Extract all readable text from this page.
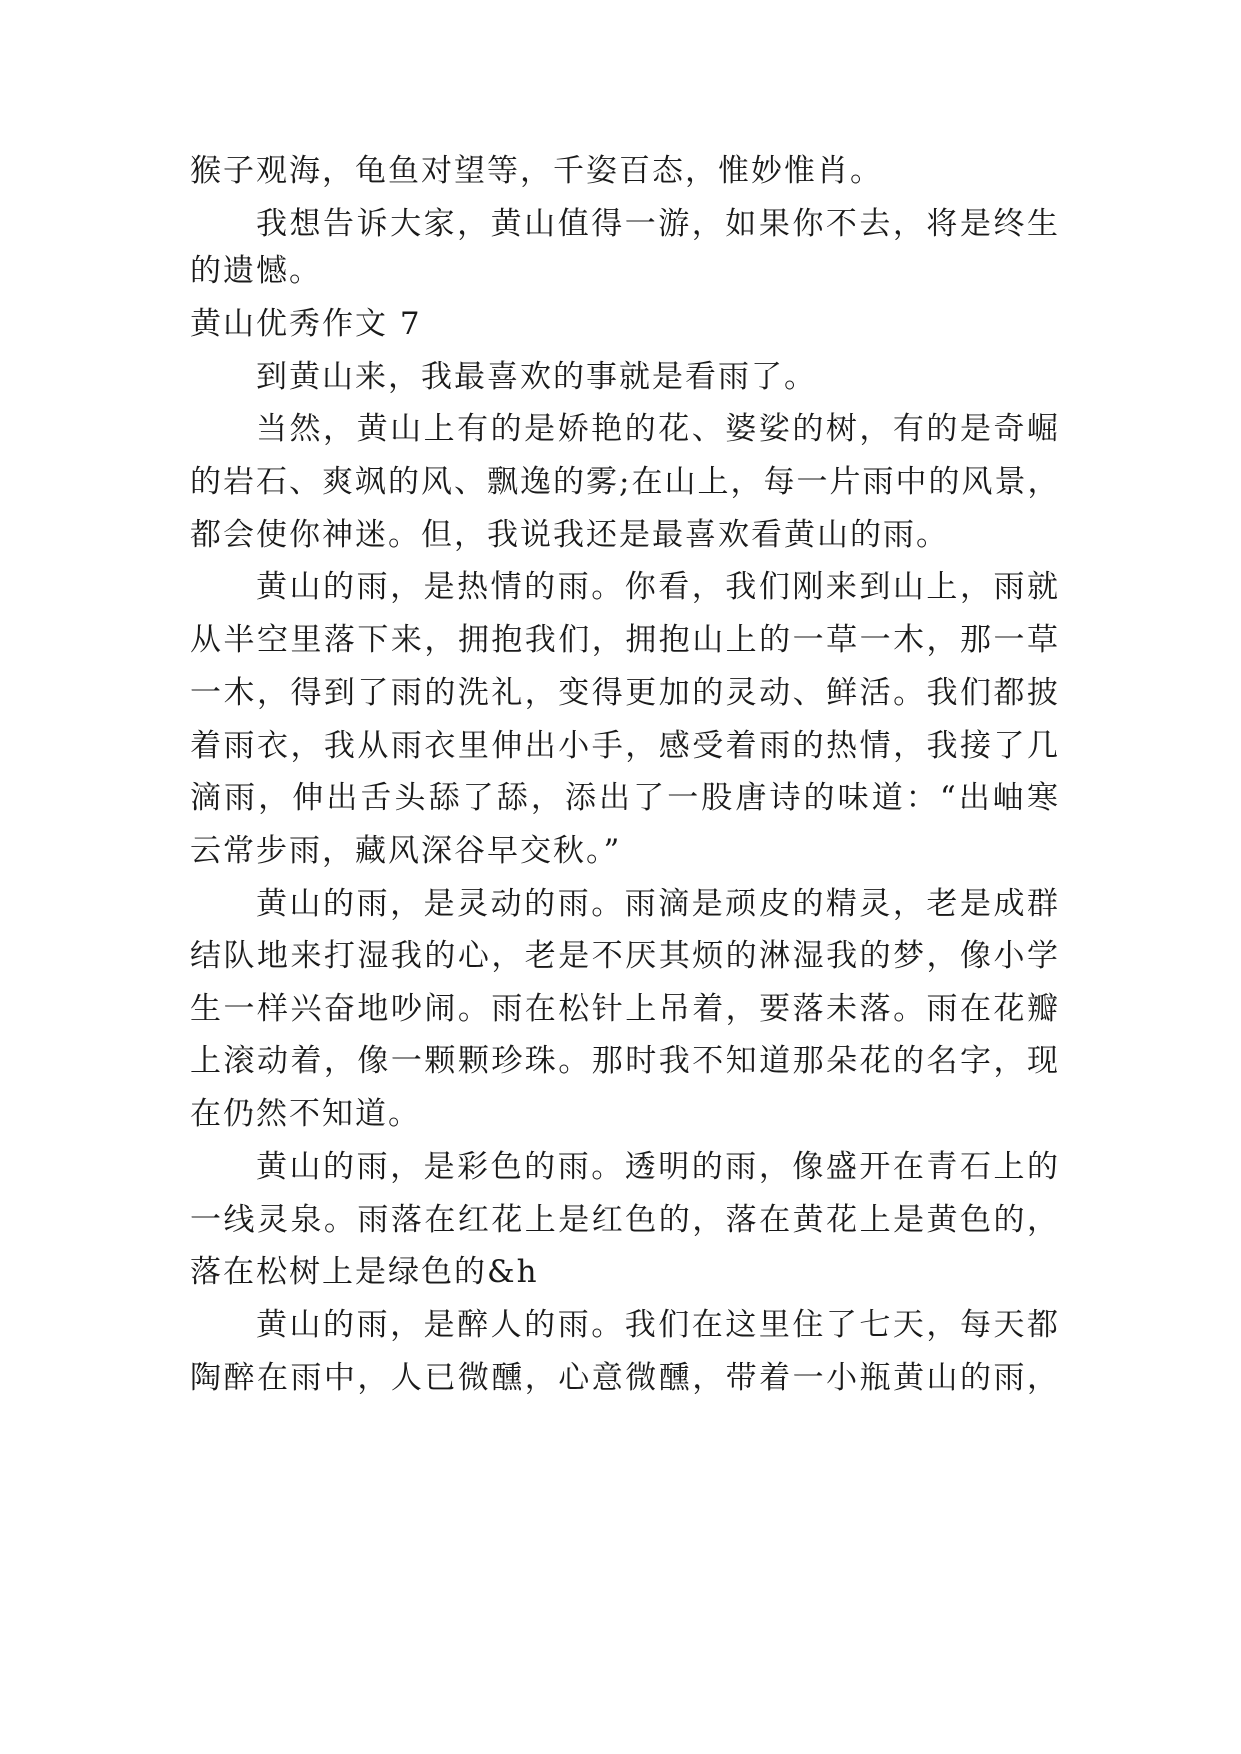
猴子观海，龟鱼对望等，千姿百态，惟妙惟肖。
我想告诉大家，黄山值得一游，如果你不去，将是终生
的遗憾。
黄山优秀作文 7
到黄山来，我最喜欢的事就是看雨了。
当然，黄山上有的是娇艳的花、婆娑的树，有的是奇崛
的岩石、爽飒的风、飘逸的雾;在山上，每一片雨中的风景，
都会使你神迷。但，我说我还是最喜欢看黄山的雨。
黄山的雨，是热情的雨。你看，我们刚来到山上，雨就
从半空里落下来，拥抱我们，拥抱山上的一草一木，那一草
一木，得到了雨的洗礼，变得更加的灵动、鲜活。我们都披
着雨衣，我从雨衣里伸出小手，感受着雨的热情，我接了几
滴雨，伸出舌头舔了舔，添出了一股唐诗的味道：“出岫寒
云常步雨，藏风深谷早交秋。”
黄山的雨，是灵动的雨。雨滴是顽皮的精灵，老是成群
结队地来打湿我的心，老是不厌其烦的淋湿我的梦，像小学
生一样兴奋地吵闹。雨在松针上吊着，要落未落。雨在花瓣
上滚动着，像一颗颗珍珠。那时我不知道那朵花的名字，现
在仍然不知道。
黄山的雨，是彩色的雨。透明的雨，像盛开在青石上的
一线灵泉。雨落在红花上是红色的，落在黄花上是黄色的，
落在松树上是绿色的&h
黄山的雨，是醉人的雨。我们在这里住了七天，每天都
陶醉在雨中，人已微醺，心意微醺，带着一小瓶黄山的雨，
